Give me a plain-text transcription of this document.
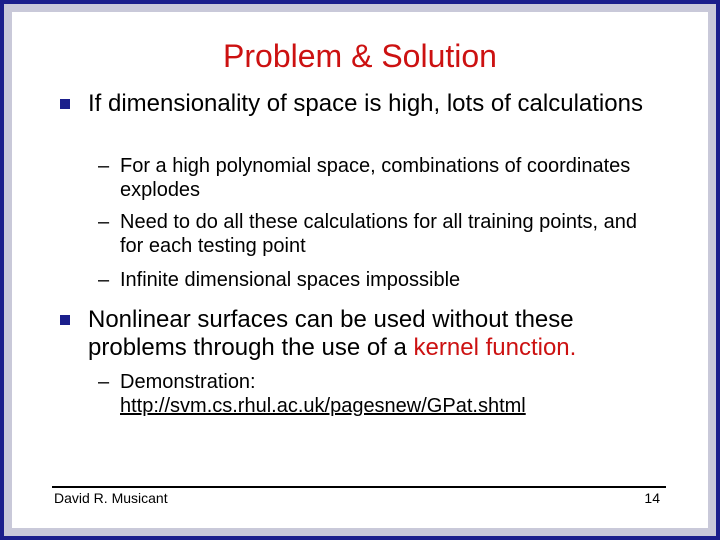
Problem & Solution
If dimensionality of space is high, lots of calculations
– For a high polynomial space, combinations of coordinates explodes
– Need to do all these calculations for all training points, and for each testing point
– Infinite dimensional spaces impossible
Nonlinear surfaces can be used without these problems through the use of a kernel function.
– Demonstration:
http://svm.cs.rhul.ac.uk/pagesnew/GPat.shtml
David R. Musicant	14
